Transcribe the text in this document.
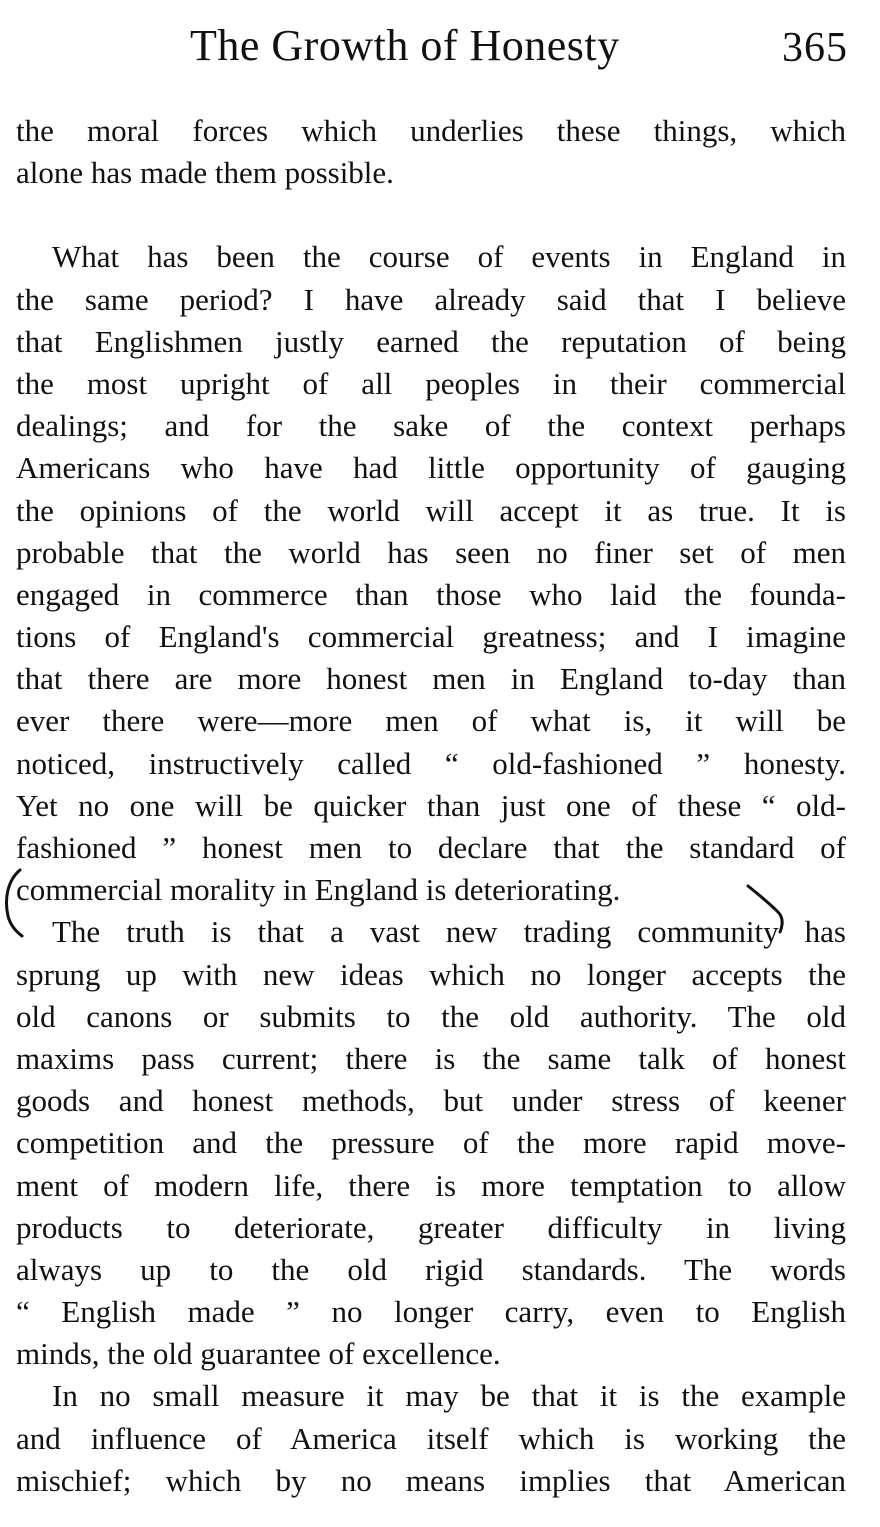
The Growth of Honesty	365
the moral forces which underlies these things, which
alone has made them possible.
What has been the course of events in England in
the same period? I have already said that I believe
that Englishmen justly earned the reputation of being
the most upright of all peoples in their commercial
dealings; and for the sake of the context perhaps
Americans who have had little opportunity of gauging
the opinions of the world will accept it as true. It is
probable that the world has seen no finer set of men
engaged in commerce than those who laid the founda-
tions of England's commercial greatness; and I imagine
that there are more honest men in England to-day than
ever there were—more men of what is, it will be
noticed, instructively called “ old-fashioned ” honesty.
Yet no one will be quicker than just one of these “ old-
fashioned ” honest men to declare that the standard of
commercial morality in England is deteriorating.
The truth is that a vast new trading community has
sprung up with new ideas which no longer accepts the
old canons or submits to the old authority. The old
maxims pass current; there is the same talk of honest
goods and honest methods, but under stress of keener
competition and the pressure of the more rapid move-
ment of modern life, there is more temptation to allow
products to deteriorate, greater difficulty in living
always up to the old rigid standards. The words
“ English made ” no longer carry, even to English
minds, the old guarantee of excellence.
In no small measure it may be that it is the example
and influence of America itself which is working the
mischief; which by no means implies that American
